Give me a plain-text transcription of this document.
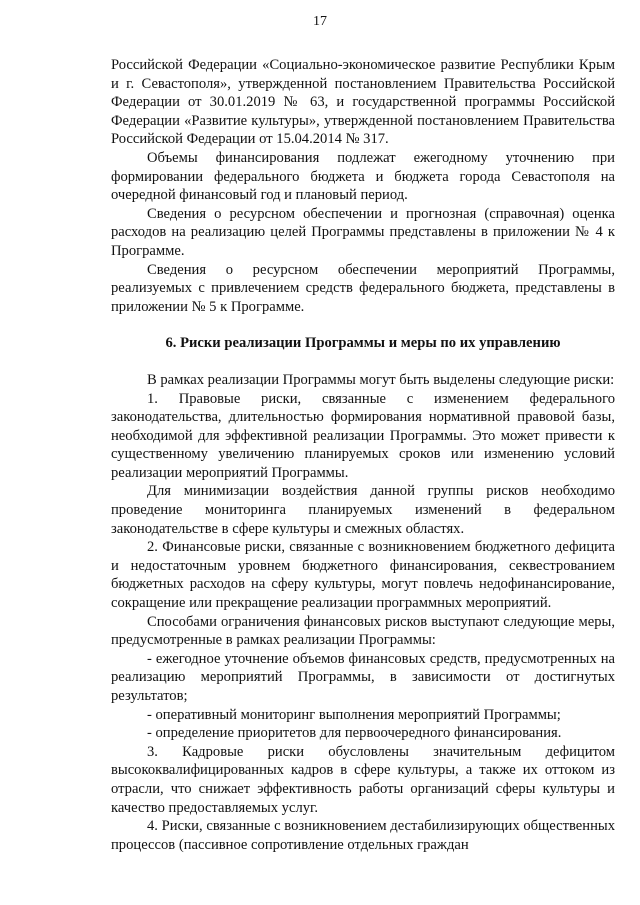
17

Российской Федерации «Социально-экономическое развитие Республики Крым и г. Севастополя», утвержденной постановлением Правительства Российской Федерации от 30.01.2019 № 63, и государственной программы Российской Федерации «Развитие культуры», утвержденной постановлением Правительства Российской Федерации от 15.04.2014 № 317.

Объемы финансирования подлежат ежегодному уточнению при формировании федерального бюджета и бюджета города Севастополя на очередной финансовый год и плановый период.

Сведения о ресурсном обеспечении и прогнозная (справочная) оценка расходов на реализацию целей Программы представлены в приложении № 4 к Программе.

Сведения о ресурсном обеспечении мероприятий Программы, реализуемых с привлечением средств федерального бюджета, представлены в приложении № 5 к Программе.

6. Риски реализации Программы и меры по их управлению

В рамках реализации Программы могут быть выделены следующие риски:

1. Правовые риски, связанные с изменением федерального законодательства, длительностью формирования нормативной правовой базы, необходимой для эффективной реализации Программы. Это может привести к существенному увеличению планируемых сроков или изменению условий реализации мероприятий Программы.

Для минимизации воздействия данной группы рисков необходимо проведение мониторинга планируемых изменений в федеральном законодательстве в сфере культуры и смежных областях.

2. Финансовые риски, связанные с возникновением бюджетного дефицита и недостаточным уровнем бюджетного финансирования, секвестрованием бюджетных расходов на сферу культуры, могут повлечь недофинансирование, сокращение или прекращение реализации программных мероприятий.

Способами ограничения финансовых рисков выступают следующие меры, предусмотренные в рамках реализации Программы:

- ежегодное уточнение объемов финансовых средств, предусмотренных на реализацию мероприятий Программы, в зависимости от достигнутых результатов;

- оперативный мониторинг выполнения мероприятий Программы;

- определение приоритетов для первоочередного финансирования.

3. Кадровые риски обусловлены значительным дефицитом высококвалифицированных кадров в сфере культуры, а также их оттоком из отрасли, что снижает эффективность работы организаций сферы культуры и качество предоставляемых услуг.

4. Риски, связанные с возникновением дестабилизирующих общественных процессов (пассивное сопротивление отдельных граждан
